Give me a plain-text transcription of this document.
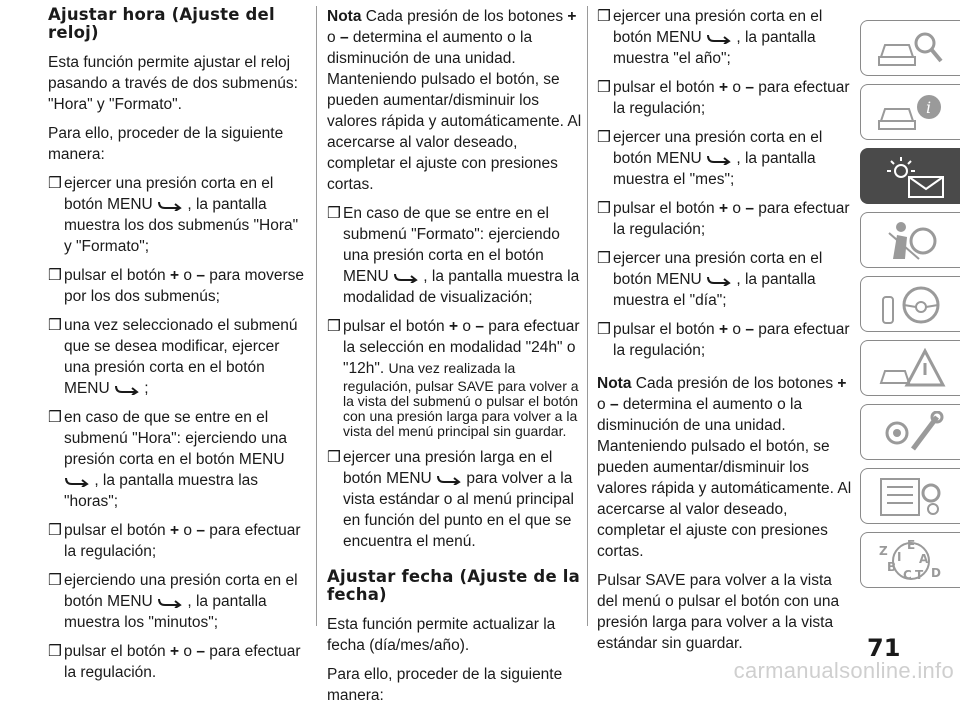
Ajustar hora (Ajuste del reloj)

Esta función permite ajustar el reloj pasando a través de dos submenús: "Hora" y "Formato".

Para ello, proceder de la siguiente manera:

❒ ejercer una presión corta en el botón MENU , la pantalla muestra los dos submenús "Hora" y "Formato";
❒ pulsar el botón + o – para moverse por los dos submenús;
❒ una vez seleccionado el submenú que se desea modificar, ejercer una presión corta en el botón MENU ;
❒ en caso de que se entre en el submenú "Hora": ejerciendo una presión corta en el botón MENU  , la pantalla muestra las "horas";
❒ pulsar el botón + o – para efectuar la regulación;
❒ ejerciendo una presión corta en el botón MENU , la pantalla muestra los "minutos";
❒ pulsar el botón + o – para efectuar la regulación.

Nota Cada presión de los botones + o – determina el aumento o la disminución de una unidad. Manteniendo pulsado el botón, se pueden aumentar/disminuir los valores rápida y automáticamente. Al acercarse al valor deseado, completar el ajuste con presiones cortas.

❒ En caso de que se entre en el submenú "Formato": ejerciendo una presión corta en el botón MENU , la pantalla muestra la modalidad de visualización;
❒ pulsar el botón + o – para efectuar la selección en modalidad "24h" o "12h". Una vez realizada la regulación, pulsar SAVE para volver a la vista del submenú o pulsar el botón con una presión larga para volver a la vista del menú principal sin guardar.
❒ ejercer una presión larga en el botón MENU para volver a la vista estándar o al menú principal en función del punto en el que se encuentra el menú.
Ajustar fecha (Ajuste de la fecha)

Esta función permite actualizar la fecha (día/mes/año).

Para ello, proceder de la siguiente manera:

❒ ejercer una presión corta en el botón MENU , la pantalla muestra "el año";
❒ pulsar el botón + o – para efectuar la regulación;
❒ ejercer una presión corta en el botón MENU , la pantalla muestra el "mes";
❒ pulsar el botón + o – para efectuar la regulación;
❒ ejercer una presión corta en el botón MENU , la pantalla muestra el "día";
❒ pulsar el botón + o – para efectuar la regulación;

Nota Cada presión de los botones + o – determina el aumento o la disminución de una unidad. Manteniendo pulsado el botón, se pueden aumentar/disminuir los valores rápida y automáticamente. Al acercarse al valor deseado, completar el ajuste con presiones cortas.

Pulsar SAVE para volver a la vista del menú o pulsar el botón con una presión larga para volver a la vista estándar sin guardar.

i
Z E
A
B
C D
I
T
71
carmanualsonline.info
